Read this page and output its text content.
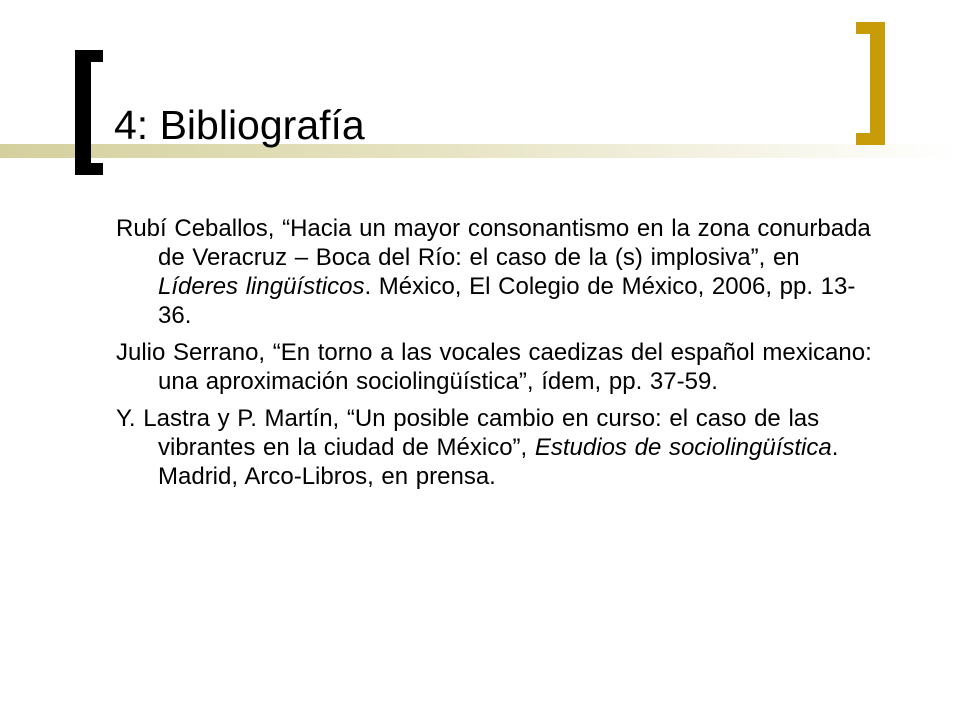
4: Bibliografía
Rubí Ceballos, “Hacia un mayor consonantismo en la zona conurbada de Veracruz – Boca del Río: el caso de la (s) implosiva”, en Líderes lingüísticos. México, El Colegio de México, 2006, pp. 13-36.
Julio Serrano, “En torno a las vocales caedizas del español mexicano: una aproximación sociolingüística”, ídem, pp. 37-59.
Y. Lastra y P. Martín, “Un posible cambio en curso: el caso de las vibrantes en la ciudad de México”, Estudios de sociolingüística. Madrid, Arco-Libros, en prensa.
